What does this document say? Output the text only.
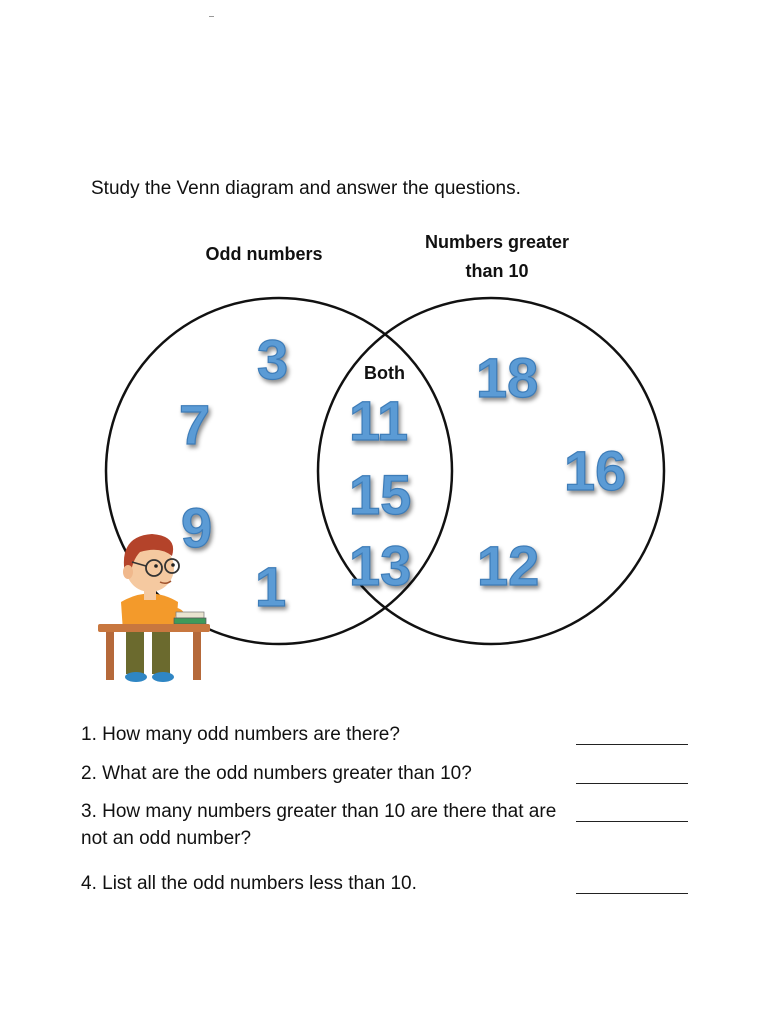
Study the Venn diagram and answer the questions.
Odd numbers
Numbers greater
than 10
Both
3
7
9
1
11
15
13
18
16
12
1. How many odd numbers are there?
2. What are the odd numbers greater than 10?
3. How many numbers greater than 10 are there that are not an odd number?
4. List all the odd numbers less than 10.
